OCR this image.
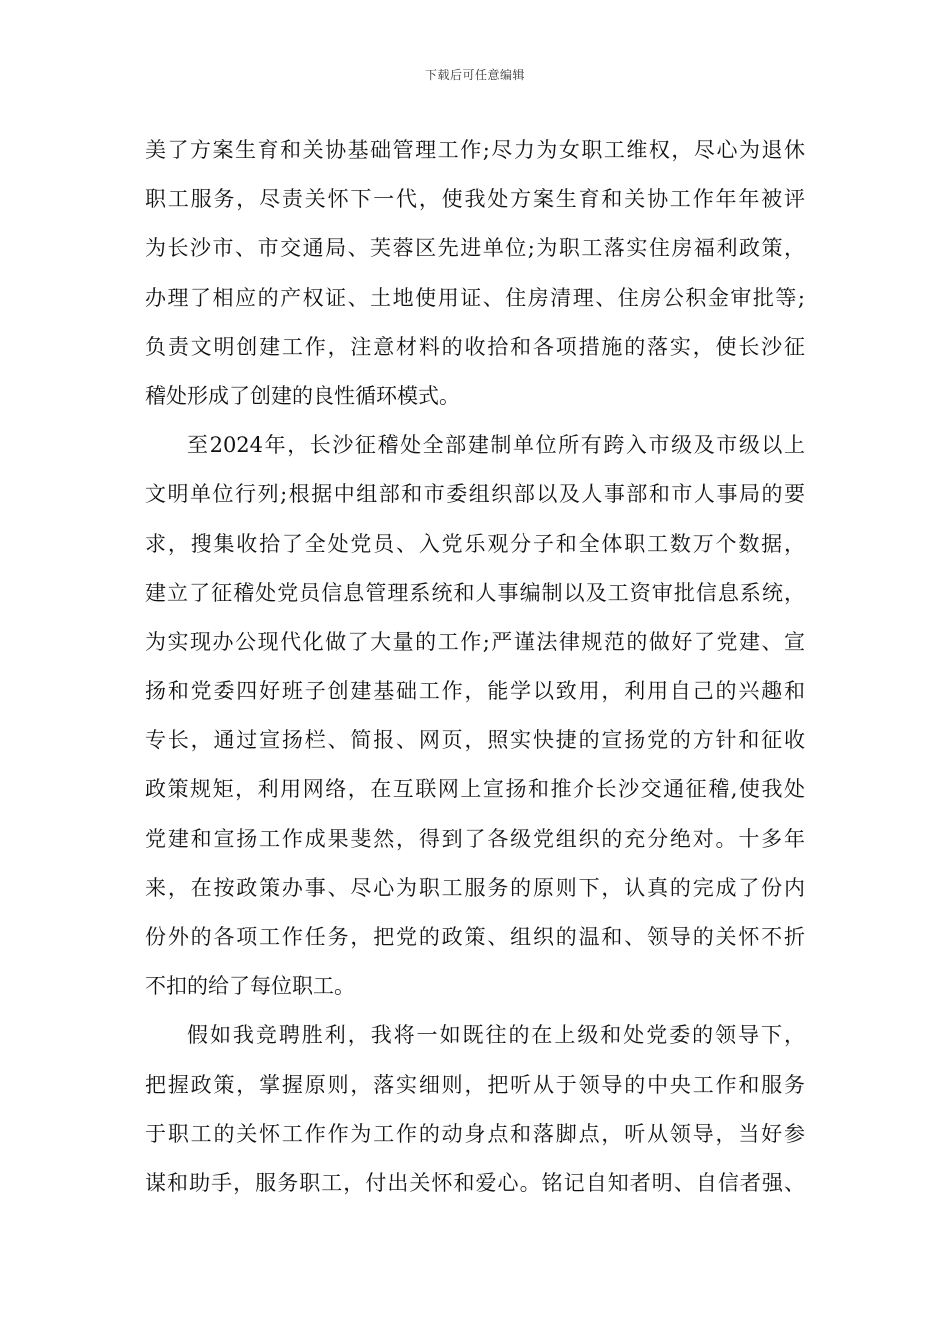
下载后可任意编辑
美了方案生育和关协基础管理工作;尽力为女职工维权，尽心为退休
职工服务，尽责关怀下一代，使我处方案生育和关协工作年年被评
为长沙市、市交通局、芙蓉区先进单位;为职工落实住房福利政策，
办理了相应的产权证、土地使用证、住房清理、住房公积金审批等;
负责文明创建工作，注意材料的收拾和各项措施的落实，使长沙征
稽处形成了创建的良性循环模式。
至2024年，长沙征稽处全部建制单位所有跨入市级及市级以上
文明单位行列;根据中组部和市委组织部以及人事部和市人事局的要
求，搜集收拾了全处党员、入党乐观分子和全体职工数万个数据，
建立了征稽处党员信息管理系统和人事编制以及工资审批信息系统，
为实现办公现代化做了大量的工作;严谨法律规范的做好了党建、宣
扬和党委四好班子创建基础工作，能学以致用，利用自己的兴趣和
专长，通过宣扬栏、简报、网页，照实快捷的宣扬党的方针和征收
政策规矩，利用网络，在互联网上宣扬和推介长沙交通征稽,使我处
党建和宣扬工作成果斐然，得到了各级党组织的充分绝对。十多年
来，在按政策办事、尽心为职工服务的原则下，认真的完成了份内
份外的各项工作任务，把党的政策、组织的温和、领导的关怀不折
不扣的给了每位职工。
假如我竞聘胜利，我将一如既往的在上级和处党委的领导下，
把握政策，掌握原则，落实细则，把听从于领导的中央工作和服务
于职工的关怀工作作为工作的动身点和落脚点，听从领导，当好参
谋和助手，服务职工，付出关怀和爱心。铭记自知者明、自信者强、
